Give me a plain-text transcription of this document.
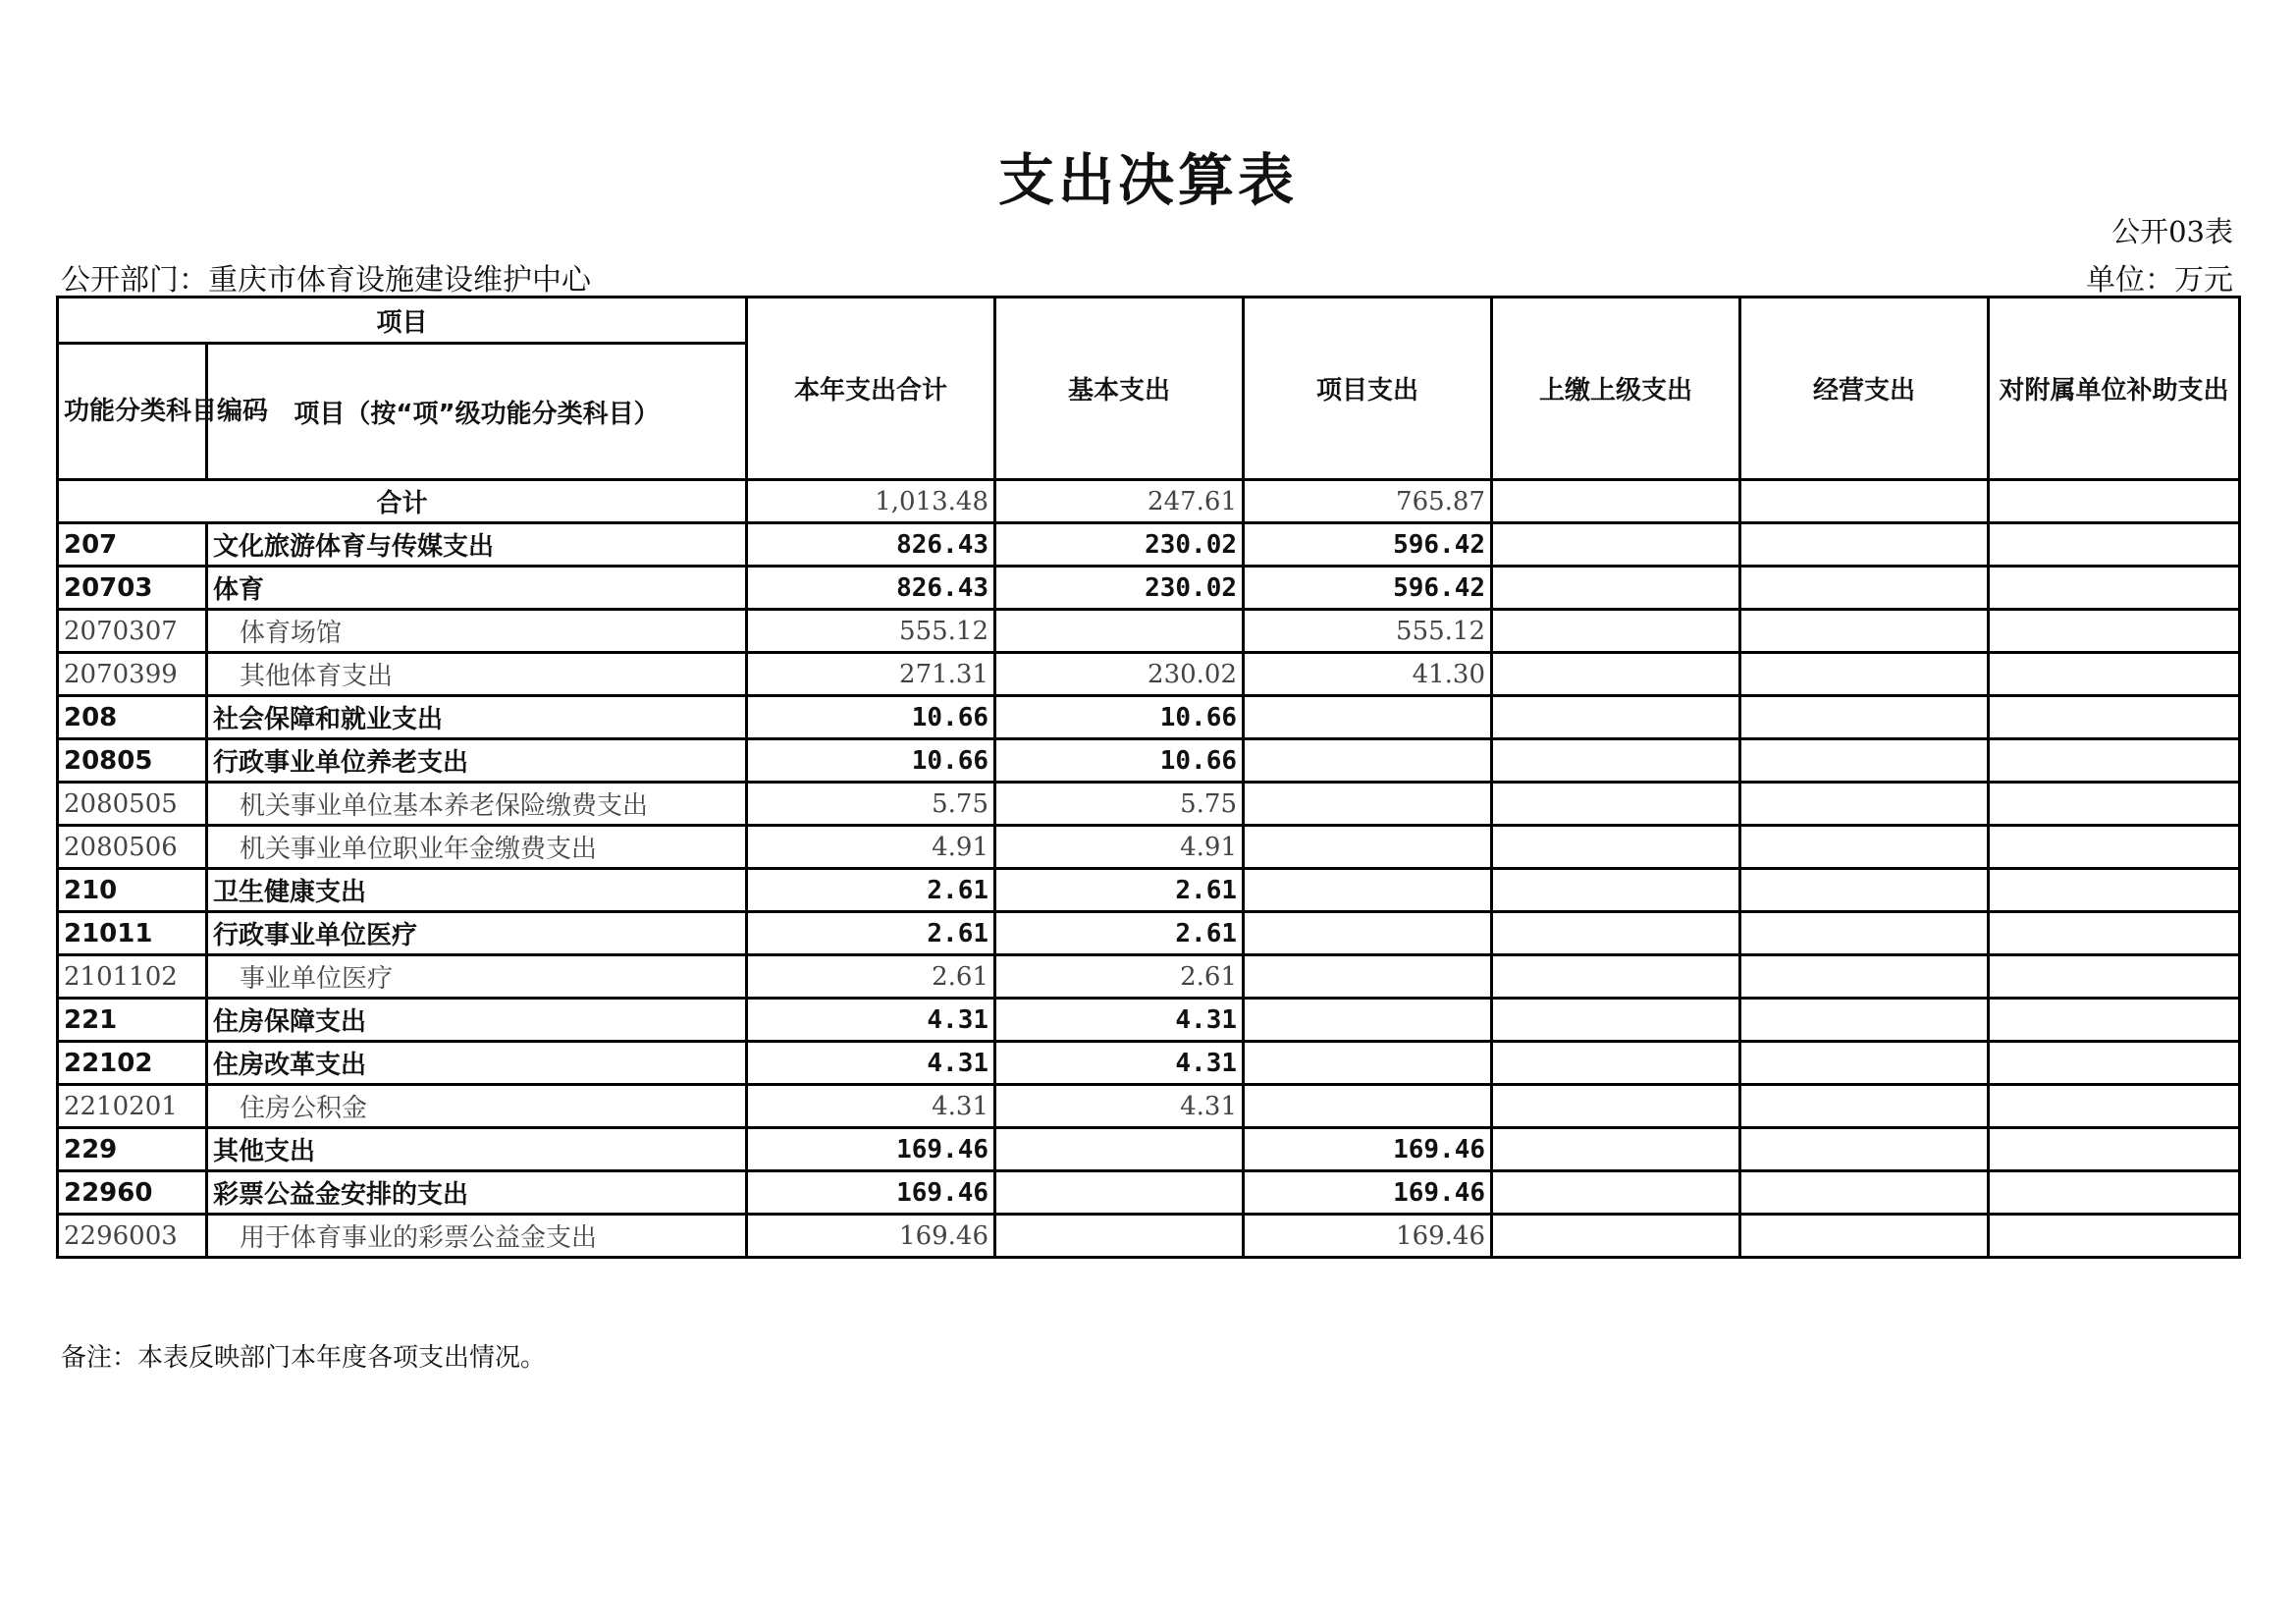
支出决算表
公开03表
公开部门：重庆市体育设施建设维护中心	单位：万元
项目		本年支出合计	基本支出	项目支出	上缴上级支出	经营支出	对附属单位补助支出
功能分类科目编码	项目（按“项”级功能分类科目）						
合计		1,013.48	247.61	765.87			
207	文化旅游体育与传媒支出	826.43	230.02	596.42			
20703	体育	826.43	230.02	596.42			
2070307	体育场馆	555.12		555.12			
2070399	其他体育支出	271.31	230.02	41.30			
208	社会保障和就业支出	10.66	10.66				
20805	行政事业单位养老支出	10.66	10.66				
2080505	机关事业单位基本养老保险缴费支出	5.75	5.75				
2080506	机关事业单位职业年金缴费支出	4.91	4.91				
210	卫生健康支出	2.61	2.61				
21011	行政事业单位医疗	2.61	2.61				
2101102	事业单位医疗	2.61	2.61				
221	住房保障支出	4.31	4.31				
22102	住房改革支出	4.31	4.31				
2210201	住房公积金	4.31	4.31				
229	其他支出	169.46		169.46			
22960	彩票公益金安排的支出	169.46		169.46			
2296003	用于体育事业的彩票公益金支出	169.46		169.46			
备注：本表反映部门本年度各项支出情况。
